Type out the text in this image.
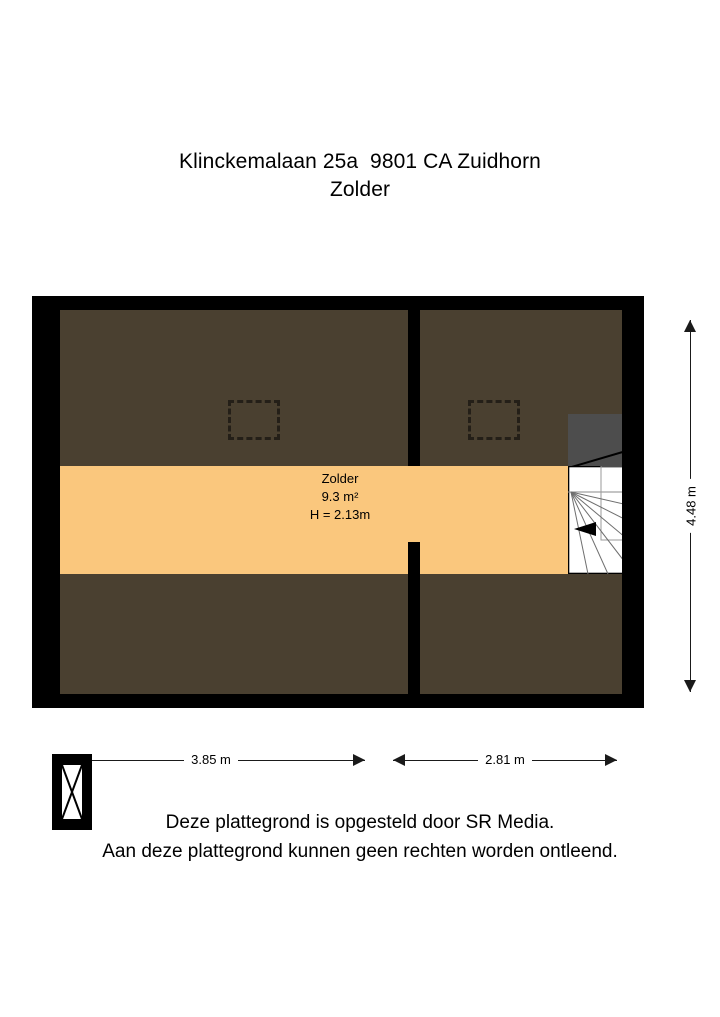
Klinckemalaan 25a  9801 CA Zuidhorn
Zolder
Zolder
9.3 m²
H = 2.13m
3.85 m	2.81 m
4.48 m
Deze plattegrond is opgesteld door SR Media.
Aan deze plattegrond kunnen geen rechten worden ontleend.
